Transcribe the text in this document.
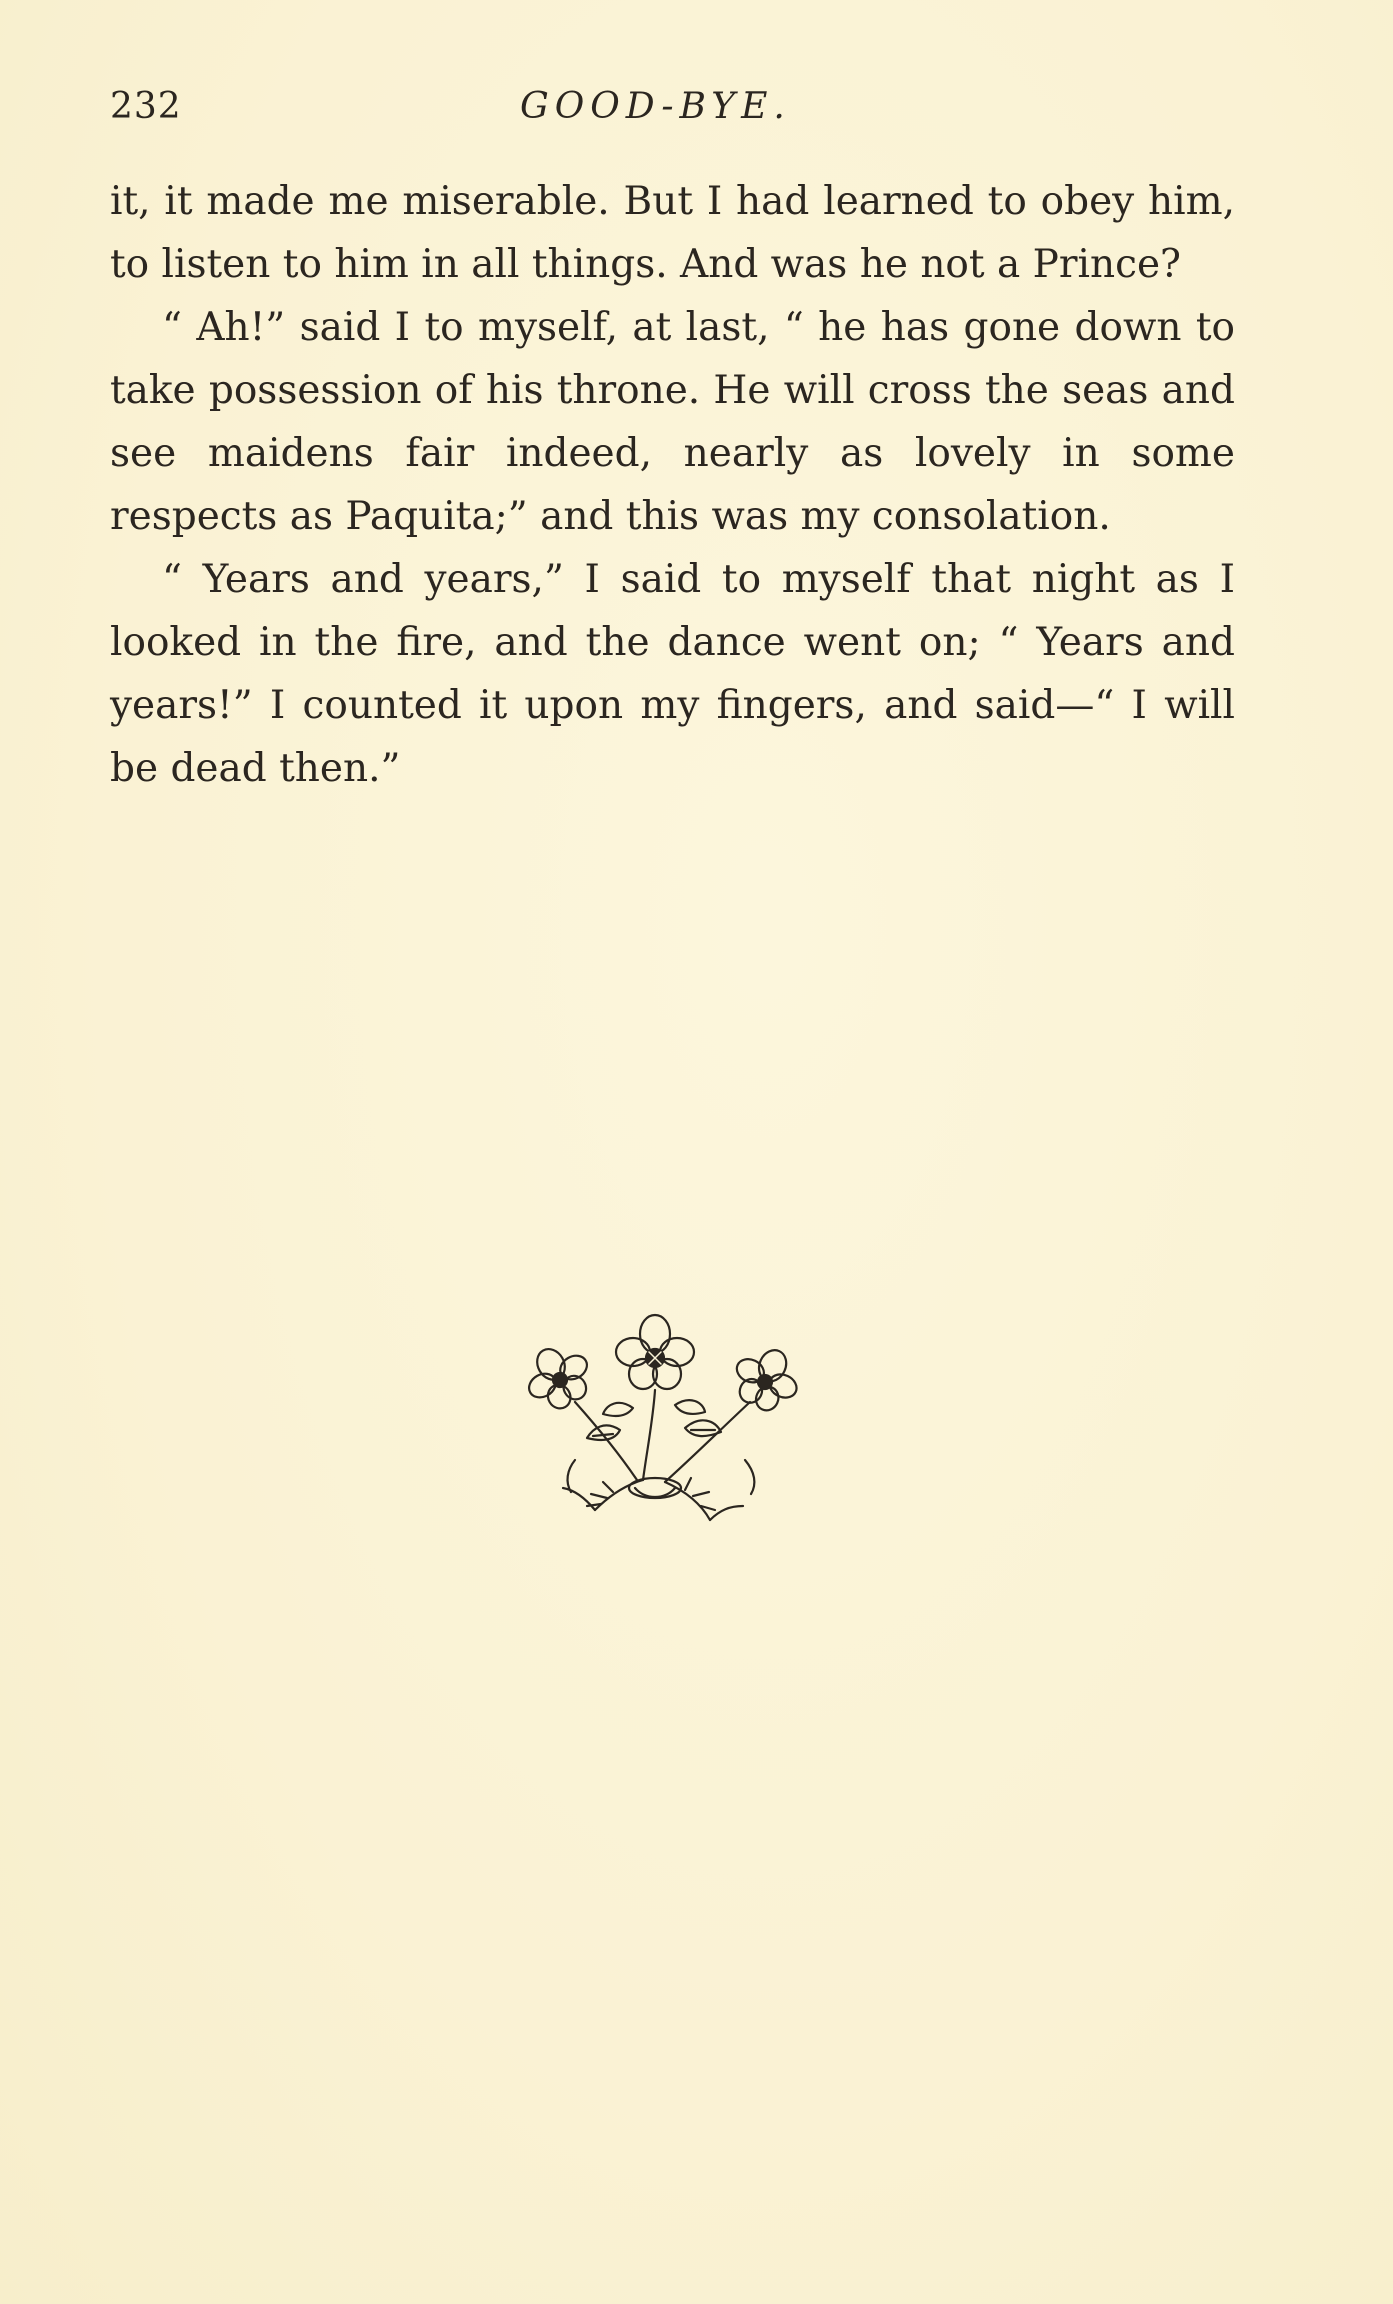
232	GOOD-BYE.

it, it made me miserable. But I had learned to obey him, to listen to him in all things. And was he not a Prince?

“ Ah!” said I to myself, at last, “ he has gone down to take possession of his throne. He will cross the seas and see maidens fair indeed, nearly as lovely in some respects as Paquita;” and this was my consolation.

“ Years and years,” I said to myself that night as I looked in the fire, and the dance went on; “ Years and years!” I counted it upon my fingers, and said—“ I will be dead then.”
